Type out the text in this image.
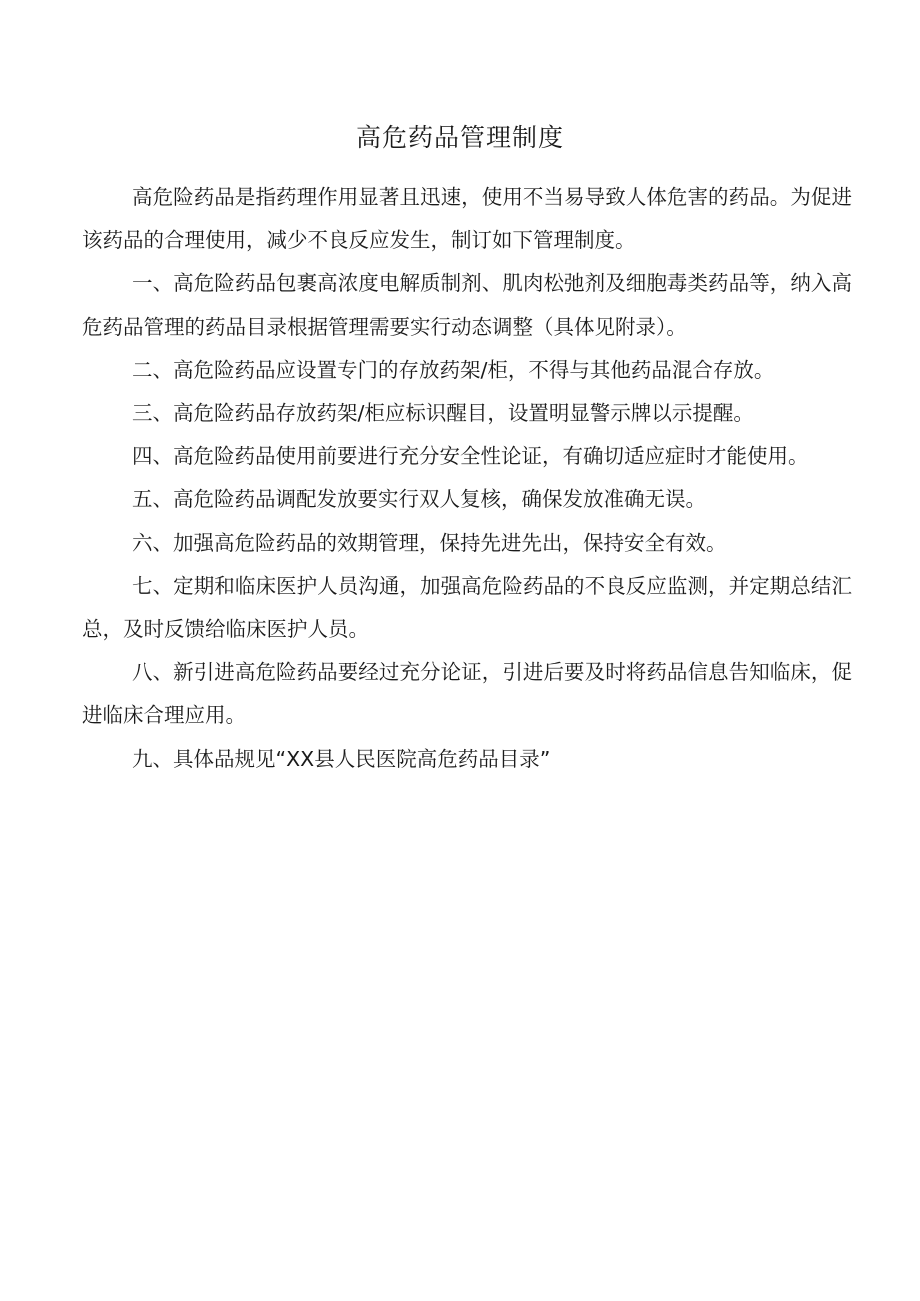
高危药品管理制度

高危险药品是指药理作用显著且迅速，使用不当易导致人体危害的药品。为促进该药品的合理使用，减少不良反应发生，制订如下管理制度。

一、高危险药品包裹高浓度电解质制剂、肌肉松弛剂及细胞毒类药品等，纳入高危药品管理的药品目录根据管理需要实行动态调整（具体见附录）。

二、高危险药品应设置专门的存放药架/柜，不得与其他药品混合存放。

三、高危险药品存放药架/柜应标识醒目，设置明显警示牌以示提醒。

四、高危险药品使用前要进行充分安全性论证，有确切适应症时才能使用。

五、高危险药品调配发放要实行双人复核，确保发放准确无误。

六、加强高危险药品的效期管理，保持先进先出，保持安全有效。

七、定期和临床医护人员沟通，加强高危险药品的不良反应监测，并定期总结汇总，及时反馈给临床医护人员。

八、新引进高危险药品要经过充分论证，引进后要及时将药品信息告知临床，促进临床合理应用。

九、具体品规见“XX县人民医院高危药品目录”
